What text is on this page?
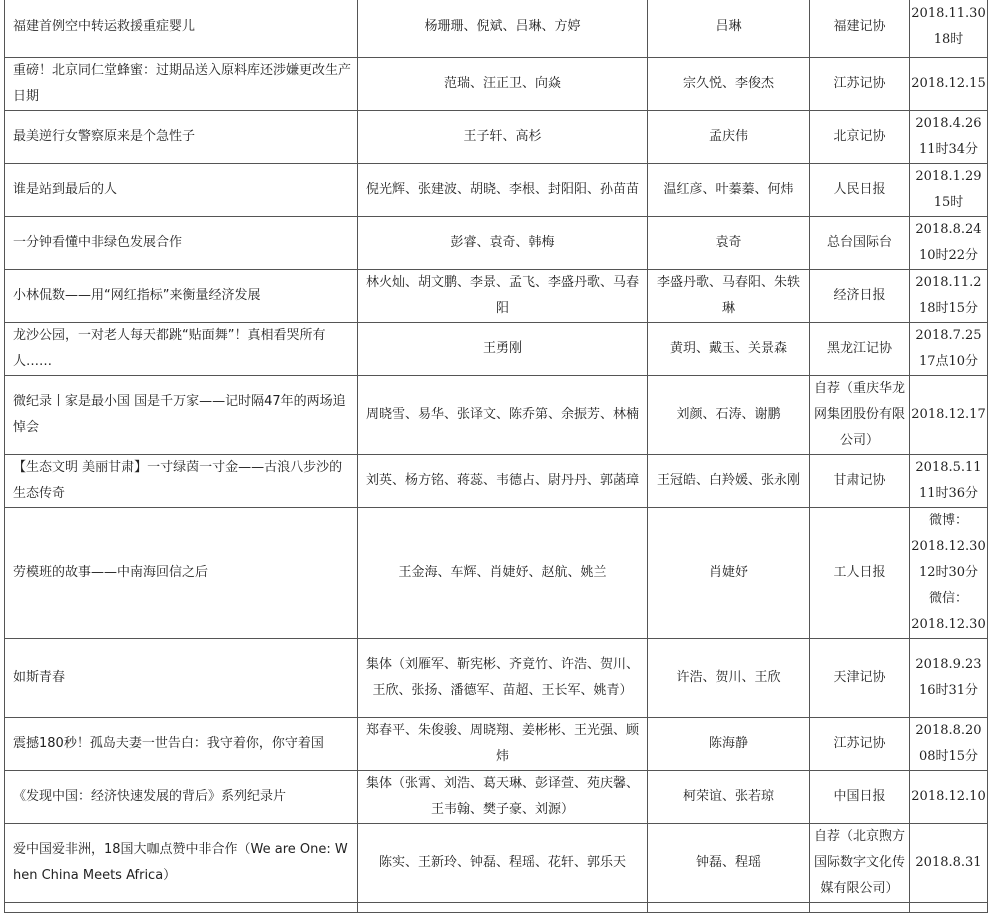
福建首例空中转运救援重症婴儿	杨珊珊、倪斌、吕琳、方婷	吕琳	福建记协	2018.11.30
18时
重磅！北京同仁堂蜂蜜：过期品送入原料库还涉嫌更改生产日期	范瑞、汪正卫、向焱	宗久悦、李俊杰	江苏记协	2018.12.15
最美逆行女警察原来是个急性子	王子轩、高杉	孟庆伟	北京记协	2018.4.26
11时34分
谁是站到最后的人	倪光辉、张建波、胡晓、李根、封阳阳、孙苗苗	温红彦、叶蓁蓁、何炜	人民日报	2018.1.29
15时
一分钟看懂中非绿色发展合作	彭睿、袁奇、韩梅	袁奇	总台国际台	2018.8.24
10时22分
小林侃数——用“网红指标”来衡量经济发展	林火灿、胡文鹏、李景、孟飞、李盛丹歌、马春阳	李盛丹歌、马春阳、朱轶琳	经济日报	2018.11.2
18时15分
龙沙公园，一对老人每天都跳“贴面舞”！真相看哭所有人……	王勇刚	黄玥、戴玉、关景森	黑龙江记协	2018.7.25
17点10分
微纪录丨家是最小国 国是千万家——记时隔47年的两场追悼会	周晓雪、易华、张译文、陈乔第、余振芳、林楠	刘颜、石涛、谢鹏	自荐（重庆华龙网集团股份有限公司）	2018.12.17
【生态文明 美丽甘肃】一寸绿茵一寸金——古浪八步沙的生态传奇	刘英、杨方铭、蒋蕊、韦德占、尉丹丹、郭菡璋	王冠皓、白羚媛、张永刚	甘肃记协	2018.5.11
11时36分
劳模班的故事——中南海回信之后	王金海、车辉、肖婕妤、赵航、姚兰	肖婕妤	工人日报	微博：
2018.12.30
12时30分
微信：
2018.12.30
如斯青春	集体（刘雁军、靳宪彬、齐竟竹、许浩、贺川、王欣、张扬、潘德军、苗超、王长军、姚青）	许浩、贺川、王欣	天津记协	2018.9.23
16时31分
震撼180秒！孤岛夫妻一世告白：我守着你，你守着国	郑春平、朱俊骏、周晓翔、姜彬彬、王光强、顾炜	陈海静	江苏记协	2018.8.20
08时15分
《发现中国：经济快速发展的背后》系列纪录片	集体（张霄、刘浩、葛天琳、彭译萱、苑庆馨、王韦翰、樊子豪、刘源）	柯荣谊、张若琼	中国日报	2018.12.10
爱中国爱非洲，18国大咖点赞中非合作（We are One: When China Meets Africa）	陈实、王新玲、钟磊、程瑶、花轩、郭乐天	钟磊、程瑶	自荐（北京煦方国际数字文化传媒有限公司）	2018.8.31
